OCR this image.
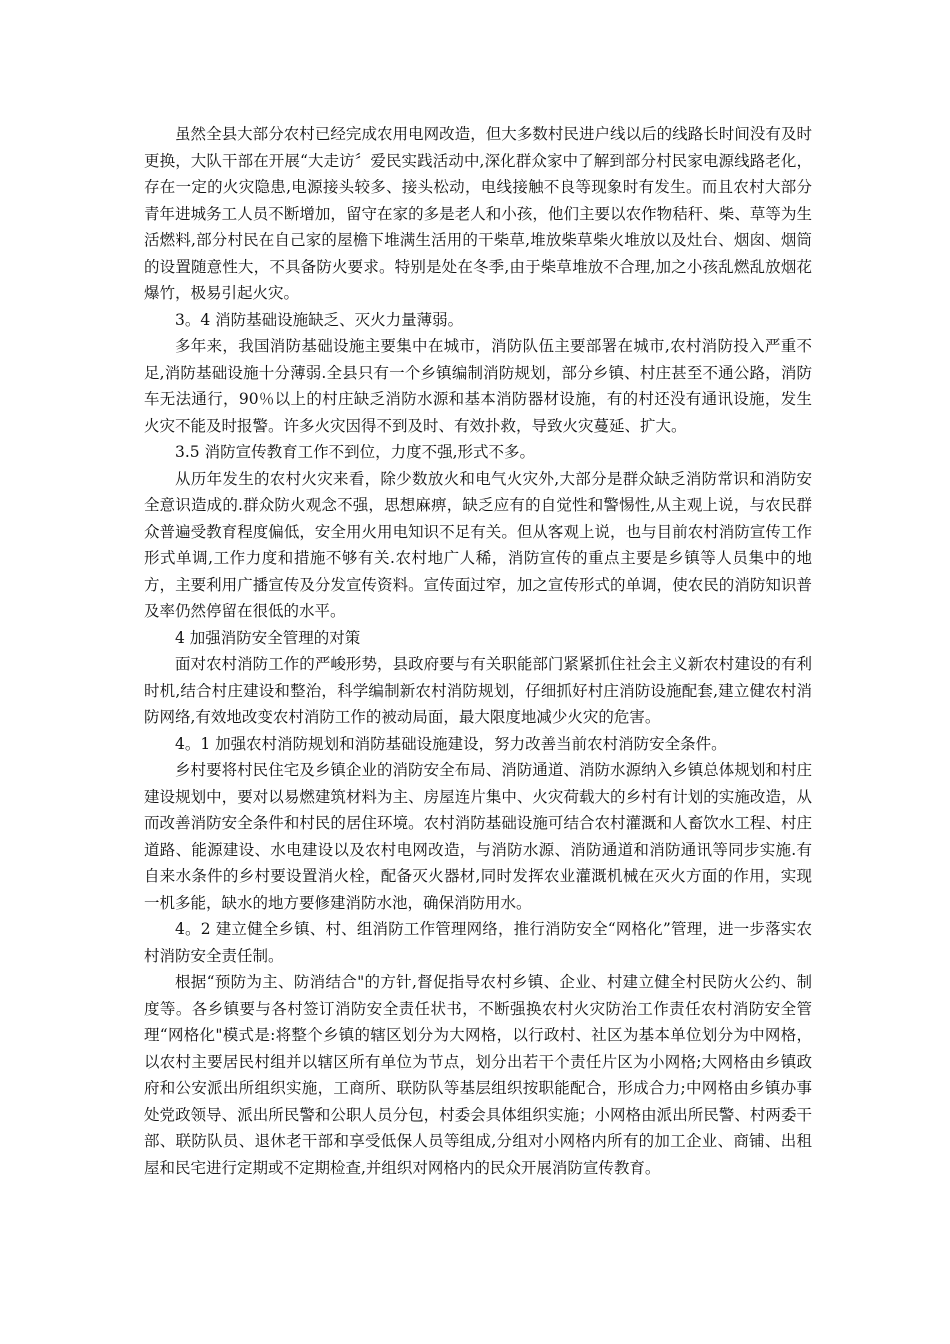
虽然全县大部分农村已经完成农用电网改造，但大多数村民进户线以后的线路长时间没有及时更换，大队干部在开展“大走访〞爱民实践活动中,深化群众家中了解到部分村民家电源线路老化，存在一定的火灾隐患,电源接头较多、接头松动，电线接触不良等现象时有发生。而且农村大部分青年进城务工人员不断增加，留守在家的多是老人和小孩，他们主要以农作物秸秆、柴、草等为生活燃料,部分村民在自己家的屋檐下堆满生活用的干柴草,堆放柴草柴火堆放以及灶台、烟囱、烟筒的设置随意性大，不具备防火要求。特别是处在冬季,由于柴草堆放不合理,加之小孩乱燃乱放烟花爆竹，极易引起火灾。

3。4 消防基础设施缺乏、灭火力量薄弱。

多年来，我国消防基础设施主要集中在城市，消防队伍主要部署在城市,农村消防投入严重不足,消防基础设施十分薄弱.全县只有一个乡镇编制消防规划，部分乡镇、村庄甚至不通公路，消防车无法通行，90％以上的村庄缺乏消防水源和基本消防器材设施，有的村还没有通讯设施，发生火灾不能及时报警。许多火灾因得不到及时、有效扑救，导致火灾蔓延、扩大。

3.5 消防宣传教育工作不到位，力度不强,形式不多。

从历年发生的农村火灾来看，除少数放火和电气火灾外,大部分是群众缺乏消防常识和消防安全意识造成的.群众防火观念不强，思想麻痹，缺乏应有的自觉性和警惕性,从主观上说，与农民群众普遍受教育程度偏低，安全用火用电知识不足有关。但从客观上说，也与目前农村消防宣传工作形式单调,工作力度和措施不够有关.农村地广人稀，消防宣传的重点主要是乡镇等人员集中的地方，主要利用广播宣传及分发宣传资料。宣传面过窄，加之宣传形式的单调，使农民的消防知识普及率仍然停留在很低的水平。

4 加强消防安全管理的对策

面对农村消防工作的严峻形势，县政府要与有关职能部门紧紧抓住社会主义新农村建设的有利时机,结合村庄建设和整治，科学编制新农村消防规划，仔细抓好村庄消防设施配套,建立健农村消防网络,有效地改变农村消防工作的被动局面，最大限度地减少火灾的危害。

4。1 加强农村消防规划和消防基础设施建设，努力改善当前农村消防安全条件。

乡村要将村民住宅及乡镇企业的消防安全布局、消防通道、消防水源纳入乡镇总体规划和村庄建设规划中，要对以易燃建筑材料为主、房屋连片集中、火灾荷载大的乡村有计划的实施改造，从而改善消防安全条件和村民的居住环境。农村消防基础设施可结合农村灌溉和人畜饮水工程、村庄道路、能源建设、水电建设以及农村电网改造，与消防水源、消防通道和消防通讯等同步实施.有自来水条件的乡村要设置消火栓，配备灭火器材,同时发挥农业灌溉机械在灭火方面的作用，实现一机多能，缺水的地方要修建消防水池，确保消防用水。

4。2 建立健全乡镇、村、组消防工作管理网络，推行消防安全“网格化”管理，进一步落实农村消防安全责任制。

根据“预防为主、防消结合"的方针,督促指导农村乡镇、企业、村建立健全村民防火公约、制度等。各乡镇要与各村签订消防安全责任状书，不断强换农村火灾防治工作责任农村消防安全管理“网格化"模式是:将整个乡镇的辖区划分为大网格，以行政村、社区为基本单位划分为中网格，以农村主要居民村组并以辖区所有单位为节点，划分出若干个责任片区为小网格;大网格由乡镇政府和公安派出所组织实施，工商所、联防队等基层组织按职能配合，形成合力;中网格由乡镇办事处党政领导、派出所民警和公职人员分包，村委会具体组织实施；小网格由派出所民警、村两委干部、联防队员、退休老干部和享受低保人员等组成,分组对小网格内所有的加工企业、商铺、出租屋和民宅进行定期或不定期检查,并组织对网格内的民众开展消防宣传教育。
